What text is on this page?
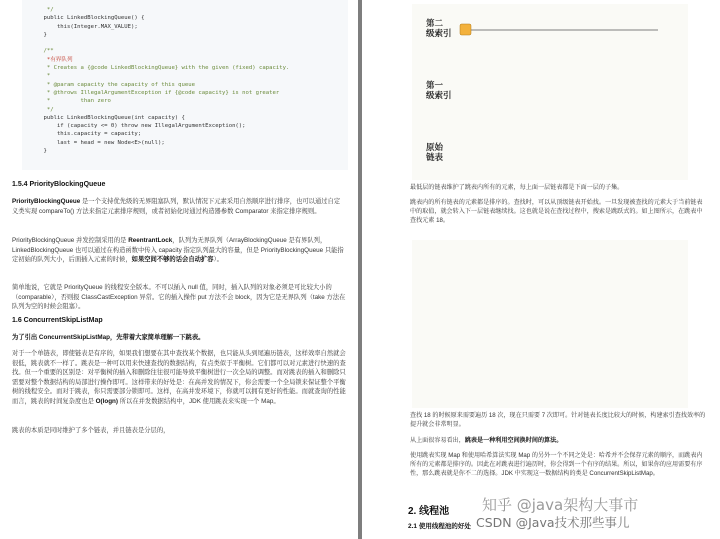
*/
public LinkedBlockingQueue() {
this(Integer.MAX_VALUE);
}

/**
*有界队列
* Creates a {@code LinkedBlockingQueue} with the given (fixed) capacity.
*
* @param capacity the capacity of this queue
* @throws IllegalArgumentException if {@code capacity} is not greater
*         than zero
*/
public LinkedBlockingQueue(int capacity) {
if (capacity <= 0) throw new IllegalArgumentException();
this.capacity = capacity;
last = head = new Node<E>(null);
}
1.5.4 PriorityBlockingQueue
PriorityBlockingQueue 是一个支持优先级的无界阻塞队列，默认情况下元素采用自然顺序进行排序，也可以通过自定义类实现 compareTo() 方法来指定元素排序规则，或者初始化时通过构造器参数 Comparator 来指定排序规则。
PriorityBlockingQueue 并发控制采用的是 ReentrantLock，队列为无界队列（ArrayBlockingQueue 是有界队列，LinkedBlockingQueue 也可以通过在构造函数中传入 capacity 指定队列最大的容量，但是 PriorityBlockingQueue 只能指定初始的队列大小，后面插入元素的时候，如果空间不够的话会自动扩容）。
简单地说，它就是 PriorityQueue 的线程安全版本。不可以插入 null 值，同时，插入队列的对象必须是可比较大小的（comparable），否则报 ClassCastException 异常。它的插入操作 put 方法不会 block，因为它是无界队列（take 方法在队列为空的时候会阻塞）。
1.6 ConcurrentSkipListMap
为了引出 ConcurrentSkipListMap，先带着大家简单理解一下跳表。
对于一个单链表，即使链表是有序的，如果我们想要在其中查找某个数据，也只能从头到尾遍历链表，这样效率自然就会很低，跳表就不一样了。跳表是一种可以用来快速查找的数据结构，有点类似于平衡树。它们都可以对元素进行快速的查找。但一个重要的区别是：对平衡树的插入和删除往往很可能导致平衡树进行一次全局的调整。而对跳表的插入和删除只需要对整个数据结构的局部进行操作即可。这样带来的好处是：在高并发的情况下，你会需要一个全局锁来保证整个平衡树的线程安全。而对于跳表，你只需要部分锁即可。这样，在高并发环境下，你就可以拥有更好的性能。而就查询的性能而言，跳表的时间复杂度也是 O(logn) 所以在并发数据结构中，JDK 使用跳表来实现一个 Map。
跳表的本质是同时维护了多个链表，并且链表是分层的，
第二
级索引
第一
级索引
原始
链表
最低层的链表维护了跳表内所有的元素，每上面一层链表都是下面一层的子集。
跳表内的所有链表的元素都是排序的。查找时，可以从顶级链表开始找。一旦发现被查找的元素大于当前链表中的取值，就会转入下一层链表继续找。这也就是说在查找过程中，搜索是跳跃式的。如上图所示，在跳表中查找元素 18。
查找 18 的时候原来需要遍历 18 次，现在只需要 7 次即可。针对链表长度比较大的时候，构建索引查找效率的提升就会非常明显。
从上面很容易看出，跳表是一种利用空间换时间的算法。
使用跳表实现 Map 和使用哈希算法实现 Map 的另外一个不同之处是：哈希并不会保存元素的顺序，而跳表内所有的元素都是排序的。因此在对跳表进行遍历时，你会得到一个有序的结果。所以，如果你的应用需要有序性，那么跳表就是你不二的选择。JDK 中实现这一数据结构的类是 ConcurrentSkipListMap。
2. 线程池
2.1 使用线程池的好处
知乎 @java架构大事市
CSDN @Java技术那些事儿
